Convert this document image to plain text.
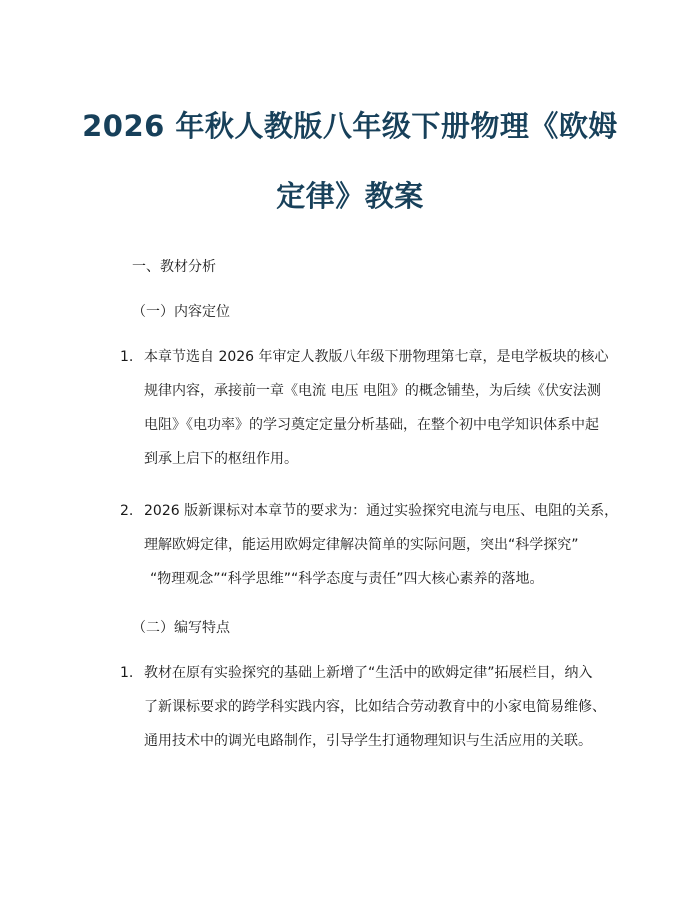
2026 年秋人教版八年级下册物理《欧姆
定律》教案
一、教材分析
（一）内容定位
1. 本章节选自 2026 年审定人教版八年级下册物理第七章，是电学板块的核心
规律内容，承接前一章《电流 电压 电阻》的概念铺垫，为后续《伏安法测
电阻》《电功率》的学习奠定定量分析基础，在整个初中电学知识体系中起
到承上启下的枢纽作用。
2. 2026 版新课标对本章节的要求为：通过实验探究电流与电压、电阻的关系，
理解欧姆定律，能运用欧姆定律解决简单的实际问题，突出“科学探究”
“物理观念”“科学思维”“科学态度与责任”四大核心素养的落地。
（二）编写特点
1. 教材在原有实验探究的基础上新增了“生活中的欧姆定律”拓展栏目，纳入
了新课标要求的跨学科实践内容，比如结合劳动教育中的小家电简易维修、
通用技术中的调光电路制作，引导学生打通物理知识与生活应用的关联。
